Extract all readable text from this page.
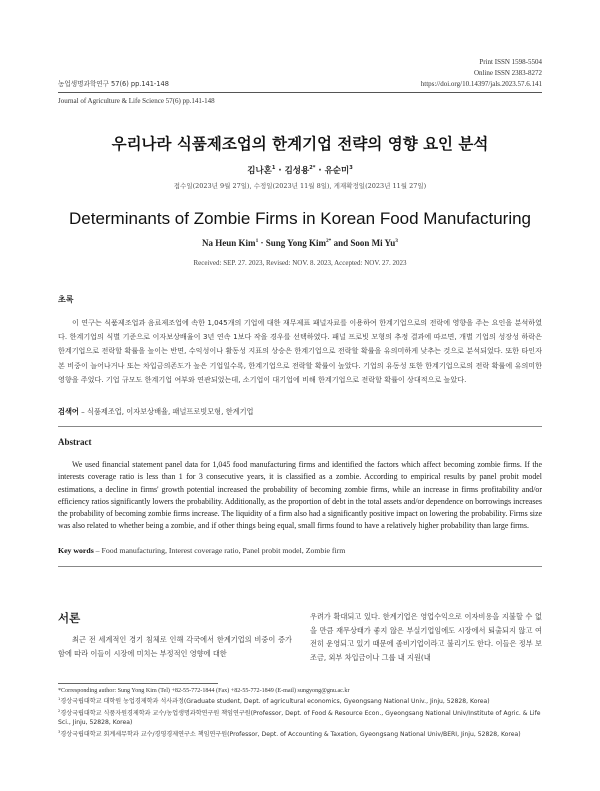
Print ISSN 1598-5504
Online ISSN 2383-8272
https://doi.org/10.14397/jals.2023.57.6.141
농업생명과학연구 57(6) pp.141-148
Journal of Agriculture & Life Science 57(6) pp.141-148
우리나라 식품제조업의 한계기업 전략의 영향 요인 분석
김나혼$^1$ · 김성용$^{2*}$ · 유순미$^3$
접수일(2023년 9월 27일), 수정일(2023년 11월 8일), 게재확정일(2023년 11월 27일)
Determinants of Zombie Firms in Korean Food Manufacturing
Na Heun Kim$^1$ · Sung Yong Kim$^{2*}$ and Soon Mi Yu$^3$
Received: SEP. 27. 2023, Revised: NOV. 8. 2023, Accepted: NOV. 27. 2023
초록
이 연구는 식품제조업과 음료제조업에 속한 1,045개의 기업에 대한 재무제표 패널자료를 이용하여 한계기업으로의 전락에 영향을 주는 요인을 분석하였다. 한계기업의 식별 기준으로 이자보상배율이 3년 연속 1보다 작을 경우를 선택하였다. 패널 프로빗 모형의 추정 결과에 따르면, 개별 기업의 성장성 하락은 한계기업으로 전락할 확률을 높이는 반면, 수익성이나 활동성 지표의 상승은 한계기업으로 전락할 확률을 유의미하게 낮추는 것으로 분석되었다. 또한 타인자본 비중이 늘어나거나 또는 차입금의존도가 높은 기업일수록, 한계기업으로 전락할 확률이 높았다. 기업의 유동성 또한 한계기업으로의 전락 확률에 유의미한 영향을 주었다. 기업 규모도 한계기업 여부와 연관되었는데, 소기업이 대기업에 비해 한계기업으로 전락할 확률이 상대적으로 높았다.
검색어 – 식품제조업, 이자보상배율, 패널프로빗모형, 한계기업
Abstract
We used financial statement panel data for 1,045 food manufacturing firms and identified the factors which affect becoming zombie firms. If the interests coverage ratio is less than 1 for 3 consecutive years, it is classified as a zombie. According to empirical results by panel probit model estimations, a decline in firms' growth potential increased the probability of becoming zombie firms, while an increase in firms profitability and/or efficiency ratios significantly lowers the probability. Additionally, as the proportion of debt in the total assets and/or dependence on borrowings increases the probability of becoming zombie firms increase. The liquidity of a firm also had a significantly positive impact on lowering the probability. Firms size was also related to whether being a zombie, and if other things being equal, small firms found to have a relatively higher probability than large firms.
Key words – Food manufacturing, Interest coverage ratio, Panel probit model, Zombie firm
서론
최근 전 세계적인 경기 침체로 인해 각국에서 한계기업의 비중이 증가함에 따라 이들이 시장에 미치는 부정적인 영향에 대한
우려가 확대되고 있다. 한계기업은 영업수익으로 이자비용을 지불할 수 없을 만큼 재무상태가 좋지 않은 부실기업임에도 시장에서 퇴출되지 않고 여전히 운영되고 있기 때문에 좀비기업이라고 불리기도 한다. 이들은 정부 보조금, 외부 차입금이나 그룹 내 지원(내
*Corresponding author: Sung Yong Kim (Tel) +82-55-772-1844 (Fax) +82-55-772-1849 (E-mail) sungyong@gnu.ac.kr
$^1$경상국립대학교 대학원 농업경제학과 석사과정(Graduate student, Dept. of agricultural economics, Gyeongsang National Univ., Jinju, 52828, Korea)
$^2$경상국립대학교 식품자원경제학과 교수/농업생명과학연구원 책임연구원(Professor, Dept. of Food & Resource Econ., Gyeongsang National Univ/Institute of Agric. & Life Sci., Jinju, 52828, Korea)
$^3$경상국립대학교 회계세무학과 교수/경영경제연구소 책임연구원(Professor, Dept. of Accounting & Taxation, Gyeongsang National Univ/BERI, Jinju, 52828, Korea)
